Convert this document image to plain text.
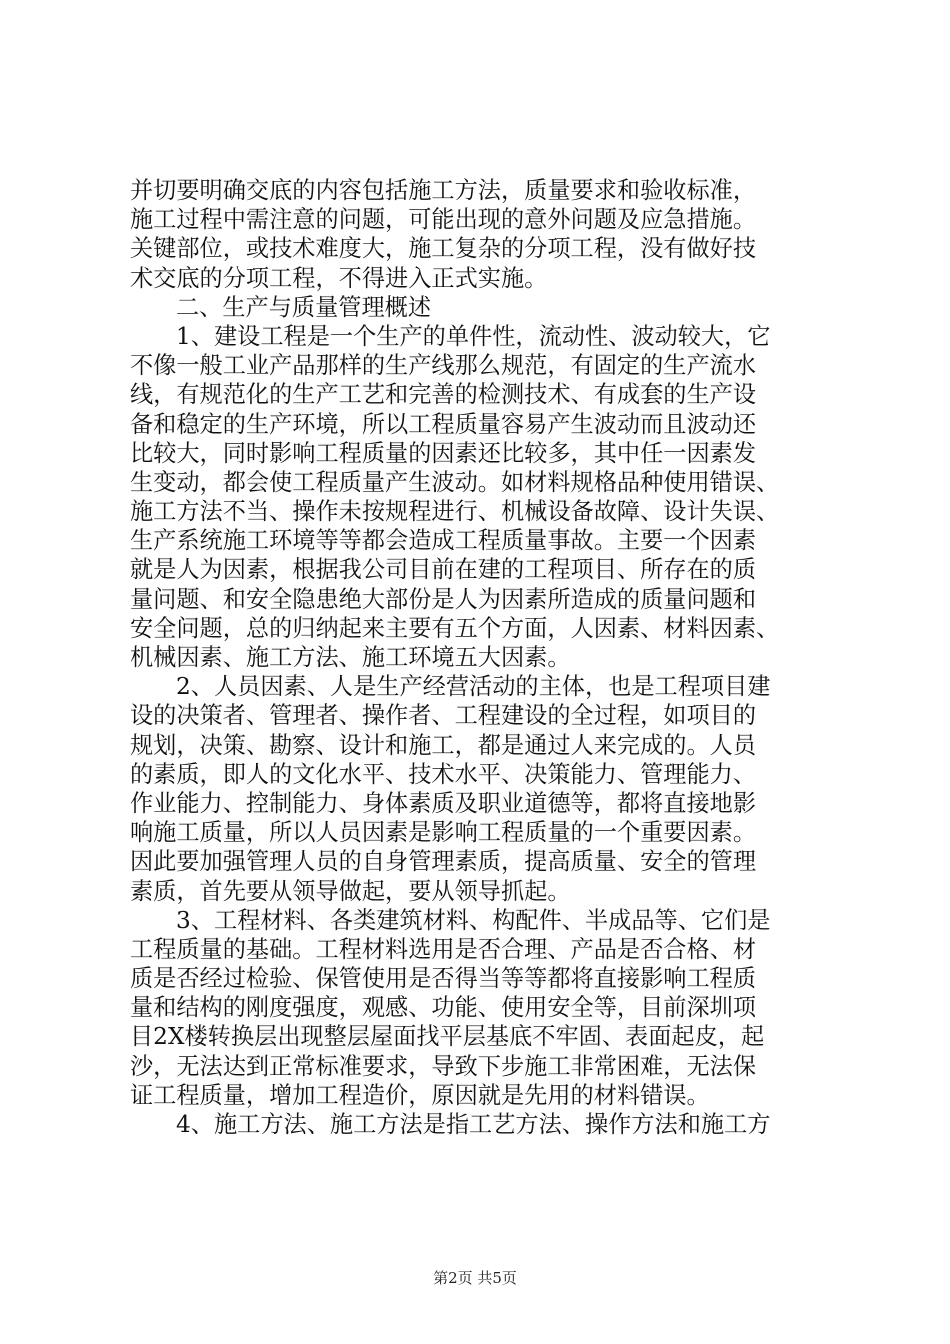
并切要明确交底的内容包括施工方法，质量要求和验收标准，
施工过程中需注意的问题，可能出现的意外问题及应急措施。
关键部位，或技术难度大，施工复杂的分项工程，没有做好技
术交底的分项工程，不得进入正式实施。
二、生产与质量管理概述
1、建设工程是一个生产的单件性，流动性、波动较大，它
不像一般工业产品那样的生产线那么规范，有固定的生产流水
线，有规范化的生产工艺和完善的检测技术、有成套的生产设
备和稳定的生产环境，所以工程质量容易产生波动而且波动还
比较大，同时影响工程质量的因素还比较多，其中任一因素发
生变动，都会使工程质量产生波动。如材料规格品种使用错误、
施工方法不当、操作未按规程进行、机械设备故障、设计失误、
生产系统施工环境等等都会造成工程质量事故。主要一个因素
就是人为因素，根据我公司目前在建的工程项目、所存在的质
量问题、和安全隐患绝大部份是人为因素所造成的质量问题和
安全问题，总的归纳起来主要有五个方面，人因素、材料因素、
机械因素、施工方法、施工环境五大因素。
2、人员因素、人是生产经营活动的主体，也是工程项目建
设的决策者、管理者、操作者、工程建设的全过程，如项目的
规划，决策、勘察、设计和施工，都是通过人来完成的。人员
的素质，即人的文化水平、技术水平、决策能力、管理能力、
作业能力、控制能力、身体素质及职业道德等，都将直接地影
响施工质量，所以人员因素是影响工程质量的一个重要因素。
因此要加强管理人员的自身管理素质，提高质量、安全的管理
素质，首先要从领导做起，要从领导抓起。
3、工程材料、各类建筑材料、构配件、半成品等、它们是
工程质量的基础。工程材料选用是否合理、产品是否合格、材
质是否经过检验、保管使用是否得当等等都将直接影响工程质
量和结构的刚度强度，观感、功能、使用安全等，目前深圳项
目2X楼转换层出现整层屋面找平层基底不牢固、表面起皮，起
沙，无法达到正常标准要求，导致下步施工非常困难，无法保
证工程质量，增加工程造价，原因就是先用的材料错误。
4、施工方法、施工方法是指工艺方法、操作方法和施工方
第2页 共5页
